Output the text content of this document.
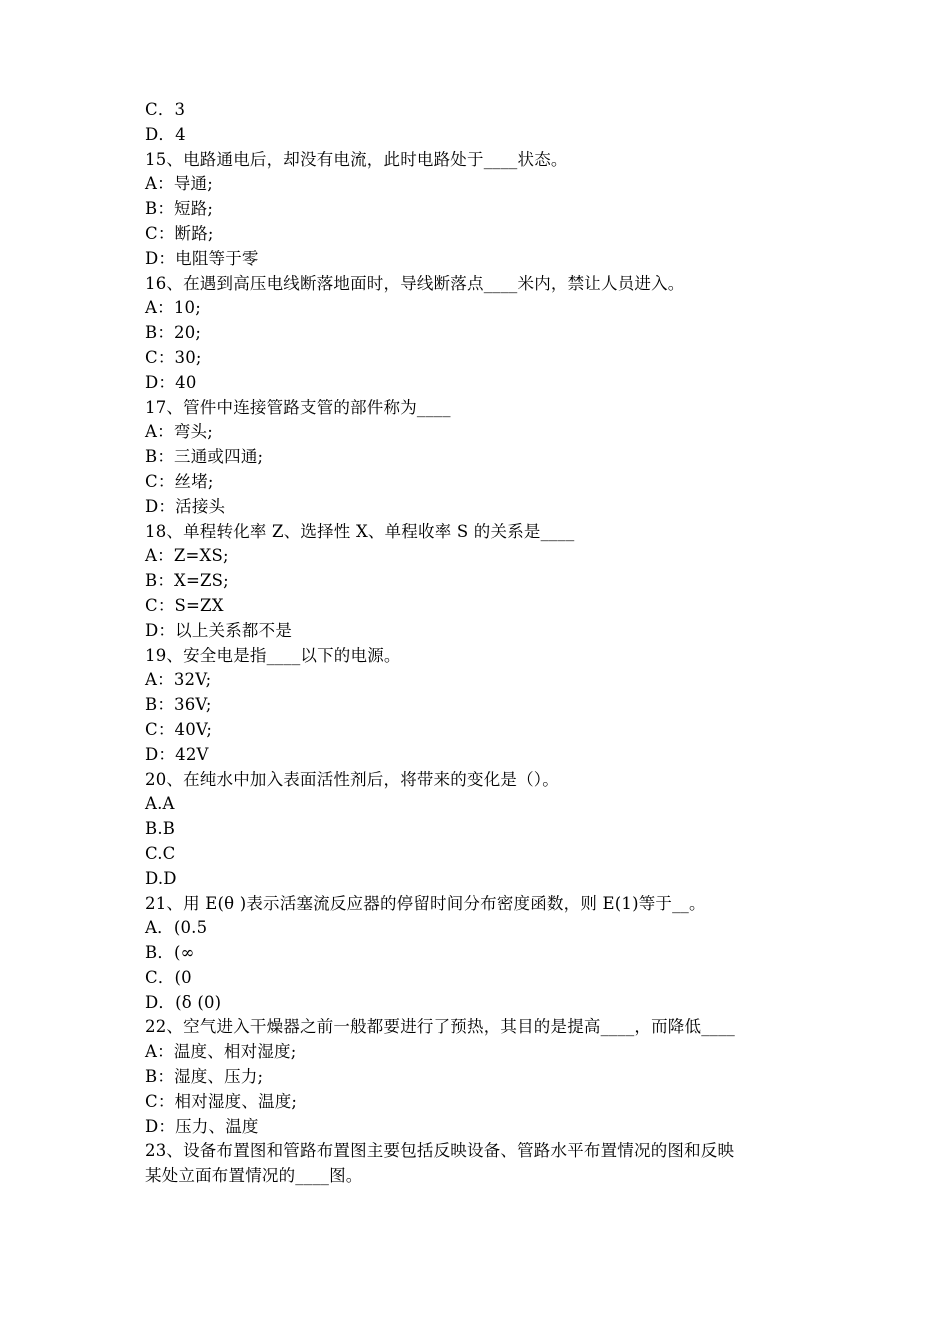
C．3
D．4
15、电路通电后，却没有电流，此时电路处于____状态。
A：导通;
B：短路;
C：断路;
D：电阻等于零
16、在遇到高压电线断落地面时，导线断落点____米内，禁让人员进入。
A：10;
B：20;
C：30;
D：40
17、管件中连接管路支管的部件称为____
A：弯头;
B：三通或四通;
C：丝堵;
D：活接头
18、单程转化率 Z、选择性 X、单程收率 S 的关系是____
A：Z=XS;
B：X=ZS;
C：S=ZX
D：以上关系都不是
19、安全电是指____以下的电源。
A：32V;
B：36V;
C：40V;
D：42V
20、在纯水中加入表面活性剂后，将带来的变化是（）。
A.A
B.B
C.C
D.D
21、用 E(θ )表示活塞流反应器的停留时间分布密度函数，则 E(1)等于__。
A．(0.5
B．(∞
C．(0
D．(δ (0)
22、空气进入干燥器之前一般都要进行了预热，其目的是提高____，而降低____
A：温度、相对湿度;
B：湿度、压力;
C：相对湿度、温度;
D：压力、温度
23、设备布置图和管路布置图主要包括反映设备、管路水平布置情况的图和反映
某处立面布置情况的____图。
